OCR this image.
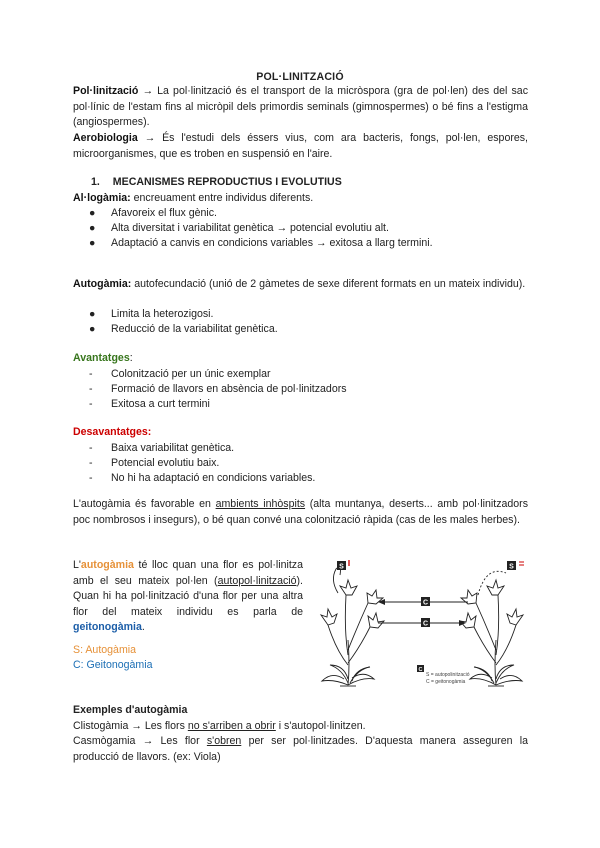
POL·LINITZACIÓ
Pol·linització → La pol·linització és el transport de la micròspora (gra de pol·len) des del sac pol·línic de l'estam fins al micròpil dels primordis seminals (gimnospermes) o bé fins a l'estigma (angiospermes).
Aerobiologia → És l'estudi dels éssers vius, com ara bacteris, fongs, pol·len, espores, microorganismes, que es troben en suspensió en l'aire.
1. MECANISMES REPRODUCTIUS I EVOLUTIUS
Al·logàmia: encreuament entre individus diferents.
● Afavoreix el flux gènic.
● Alta diversitat i variabilitat genètica → potencial evolutiu alt.
● Adaptació a canvis en condicions variables → exitosa a llarg termini.
Autogàmia: autofecundació (unió de 2 gàmetes de sexe diferent formats en un mateix individu).
● Limita la heterozigosi.
● Reducció de la variabilitat genètica.
Avantatges:
- Colonització per un únic exemplar
- Formació de llavors en absència de pol·linitzadors
- Exitosa a curt termini
Desavantatges:
- Baixa variabilitat genètica.
- Potencial evolutiu baix.
- No hi ha adaptació en condicions variables.
L'autogàmia és favorable en ambients inhòspits (alta muntanya, deserts... amb pol·linitzadors poc nombrosos i insegurs), o bé quan convé una colonització ràpida (cas de les males herbes).
L'autogàmia té lloc quan una flor es pol·linitza amb el seu mateix pol·len (autopol·linització). Quan hi ha pol·linització d'una flor per una altra flor del mateix individu es parla de geitonogàmia.
S: Autogàmia
C: Geitonogàmia
S	S
C
C
C
S = autopolinització
C = geitonogàmia
Exemples d'autogàmia
Clistogàmia → Les flors no s'arriben a obrir i s'autopol·linitzen.
Casmògamia → Les flor s'obren per ser pol·linitzades. D'aquesta manera asseguren la producció de llavors. (ex: Viola)
